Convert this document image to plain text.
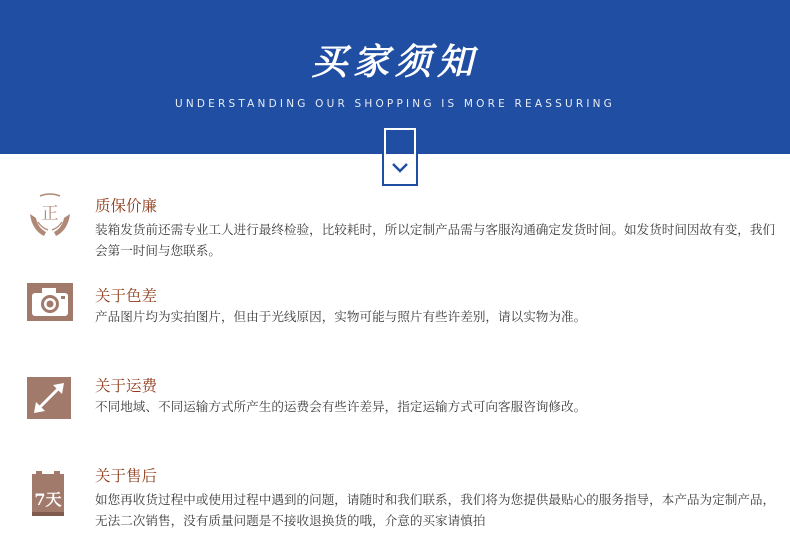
买家须知
UNDERSTANDING OUR SHOPPING IS MORE REASSURING
正 质保价廉
装箱发货前还需专业工人进行最终检验，比较耗时，所以定制产品需与客服沟通确定发货时间。如发货时间因故有变，我们会第一时间与您联系。
关于色差
产品图片均为实拍图片，但由于光线原因，实物可能与照片有些许差别，请以实物为准。
关于运费
不同地域、不同运输方式所产生的运费会有些许差异，指定运输方式可向客服咨询修改。
7天
关于售后
如您再收货过程中或使用过程中遇到的问题，请随时和我们联系，我们将为您提供最贴心的服务指导，本产品为定制产品，无法二次销售，没有质量问题是不接收退换货的哦，介意的买家请慎拍
